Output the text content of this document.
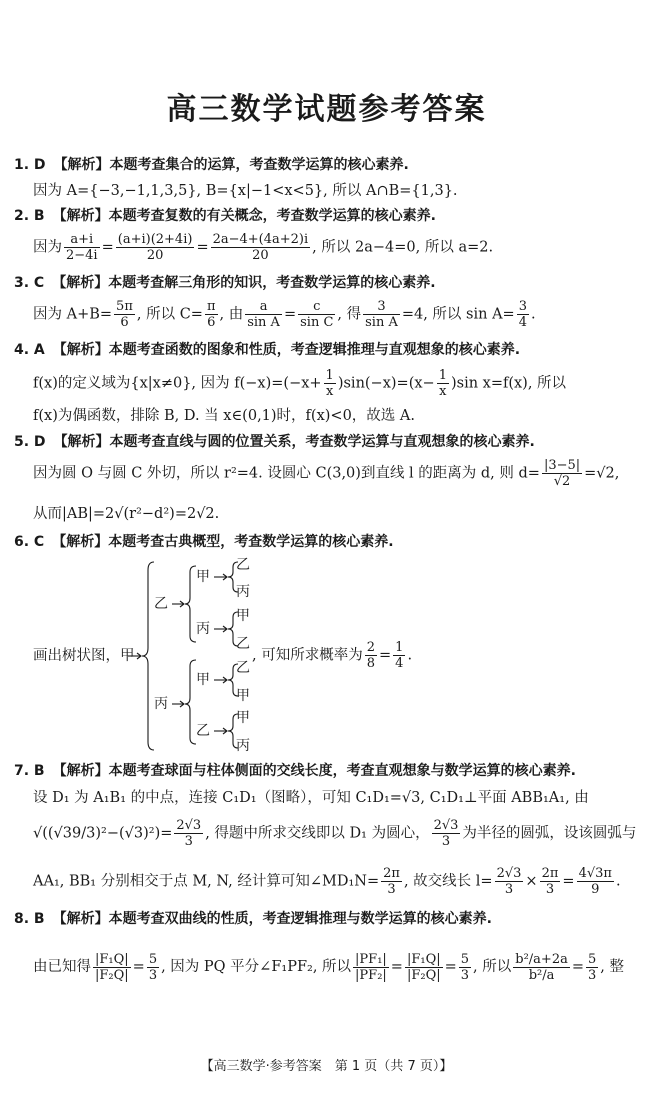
高三数学试题参考答案
1. D 【解析】本题考查集合的运算，考查数学运算的核心素养.
因为 A={−3,−1,1,3,5}, B={x|−1<x<5}, 所以 A∩B={1,3}.
2. B 【解析】本题考查复数的有关概念，考查数学运算的核心素养.
因为 $\frac{a+i}{2-4i} = \frac{(a+i)(2+4i)}{20} = \frac{2a-4+(4a+2)i}{20}$ , 所以 2a−4=0, 所以 a=2.
3. C 【解析】本题考查解三角形的知识，考查数学运算的核心素养.
因为 $A+B= \frac{5\pi}{6}$ , 所以 $C= \frac{\pi}{6}$ , 由 $\frac{a}{\text{sin A}} = \frac{c}{\text{sin C}}$ , 得 $\frac{3}{\text{sin A}} =4$, 所以 $\sin A= \frac{3}{4}$ .
4. A 【解析】本题考查函数的图象和性质，考查逻辑推理与直观想象的核心素养.
f(x)的定义域为{x|x≠0}, 因为 $f(-x)=(-x+ \frac{1}{x} )\sin(-x)=(x- \frac{1}{x} )\sin$ x=f(x), 所以
f(x)为偶函数，排除 B, D. 当 x∈(0,1)时，f(x)<0，故选 A.
5. D 【解析】本题考查直线与圆的位置关系，考查数学运算与直观想象的核心素养.
因为圆 O 与圆 C 外切，所以 r²=4. 设圆心 C(3,0)到直线 l 的距离为 d, 则 $d= \frac{|3-5|}{√2} =√2$,
从而|AB|=2√(r²−d²)=2√2.
6. C 【解析】本题考查古典概型，考查数学运算的核心素养.
乙
丙
甲
丙
甲
乙
乙
丙
甲
乙
乙
甲
甲
丙
画出树状图，甲	, 可知所求概率为 $\frac{2}{8} = \frac{1}{4}$ .
7. B 【解析】本题考查球面与柱体侧面的交线长度，考查直观想象与数学运算的核心素养.
设 D₁ 为 A₁B₁ 的中点，连接 C₁D₁（图略），可知 C₁D₁=√3, C₁D₁⊥平面 ABB₁A₁, 由
$√((√39/3)^2-(√3)^2)= \frac{2√3}{3}$ , 得题中所求交线即以 D₁ 为圆心， $\frac{2√3}{3}$ 为半径的圆弧，设该圆弧与
AA₁, BB₁ 分别相交于点 M, N, 经计算可知∠MD₁N= $\frac{2\pi}{3}$ , 故交线长 $l= \frac{2√3}{3} \times \frac{2\pi}{3} = \frac{4√3\pi}{9}$ .
8. B 【解析】本题考查双曲线的性质，考查逻辑推理与数学运算的核心素养.
由已知得 $\frac{\text{|F₁Q|}}{\text{|F₂Q|}} = \frac{5}{3}$ , 因为 PQ 平分∠F₁PF₂, 所以 $\frac{\text{|PF₁|}}{\text{|PF₂|}} = \frac{\text{|F₁Q|}}{\text{|F₂Q|}} = \frac{5}{3}$ , 所以 $\frac{\text{b²/a+2a}}{\text{b²/a}} = \frac{5}{3}$ , 整
【高三数学·参考答案　第 1 页（共 7 页）】
